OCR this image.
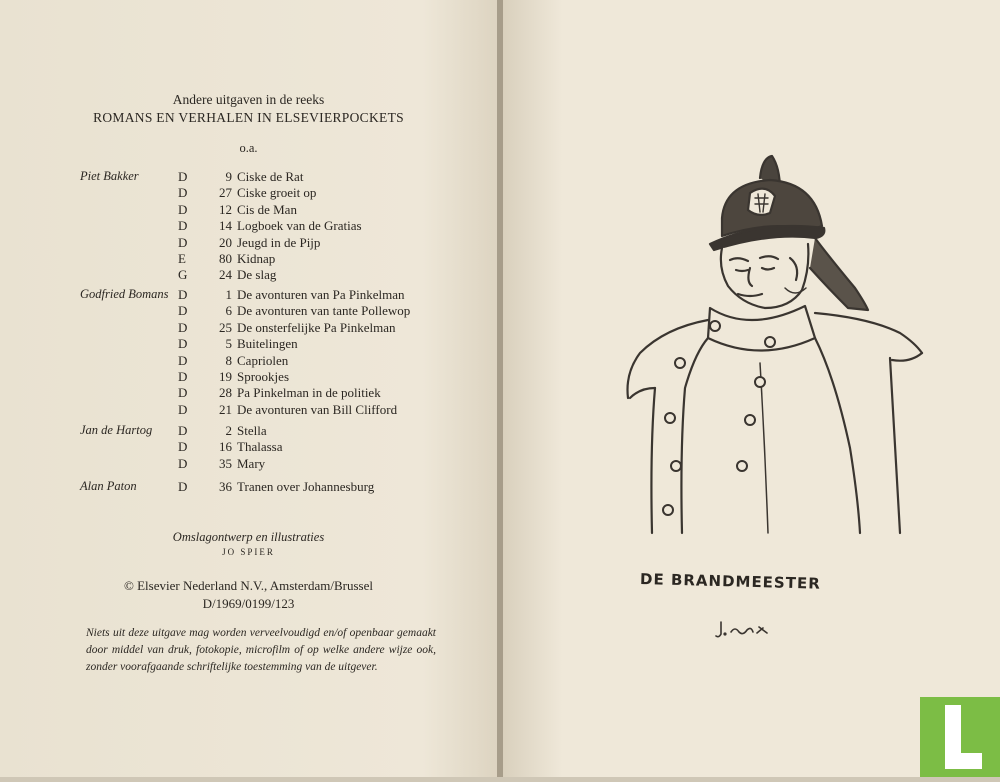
Andere uitgaven in de reeks
ROMANS EN VERHALEN IN ELSEVIERPOCKETS
o.a.
Piet Bakker	D	9 Ciske de Rat
D 27 Ciske groeit op
D 12 Cis de Man
D 14 Logboek van de Gratias
D 20 Jeugd in de Pijp
E	80 Kidnap
G 24 De slag
Godfried Bomans D	1 De avonturen van Pa Pinkelman
D	6 De avonturen van tante Pollewop
D 25 De onsterfelijke Pa Pinkelman
D	5 Buitelingen
D	8 Capriolen
D 19 Sprookjes
D 28 Pa Pinkelman in de politiek
D 21 De avonturen van Bill Clifford
Jan de Hartog D	2 Stella
D 16 Thalassa
D 35 Mary
Alan Paton	D 36 Tranen over Johannesburg
Omslagontwerp en illustraties
JO SPIER
© Elsevier Nederland N.V., Amsterdam/Brussel
D/1969/0199/123
Niets uit deze uitgave mag worden verveelvoudigd en/of openbaar gemaakt door middel van druk, fotokopie, microfilm of op welke andere wijze ook, zonder voorafgaande schriftelijke toestemming van de uitgever.
DE BRANDMEESTER
